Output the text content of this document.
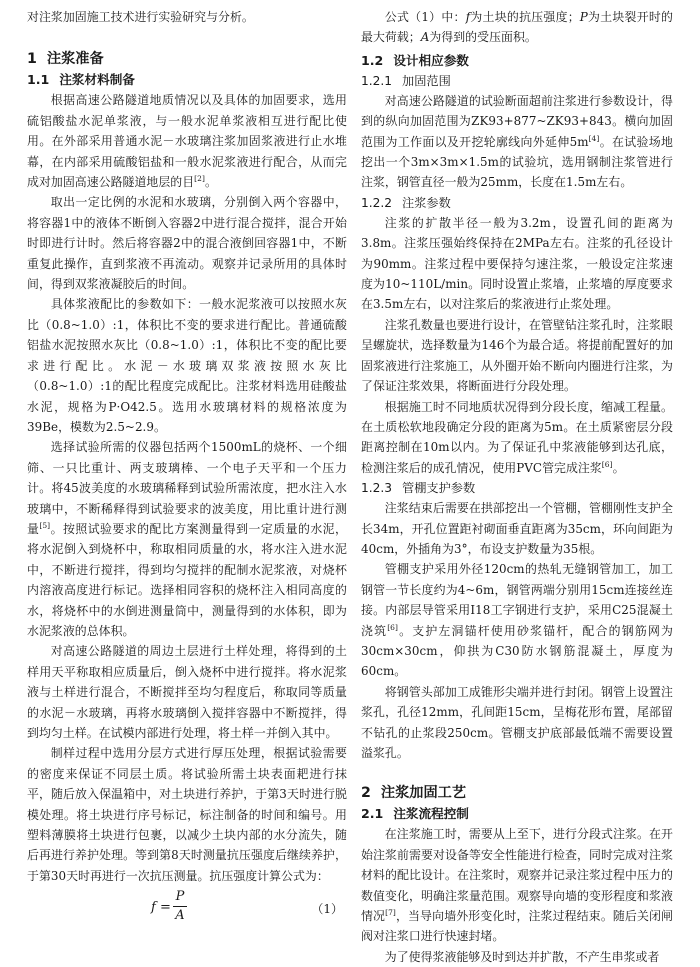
对注浆加固施工技术进行实验研究与分析。

1 注浆准备
1.1 注浆材料制备

根据高速公路隧道地质情况以及具体的加固要求，选用硫铝酸盐水泥单浆液，与一般水泥单浆液相互进行配比使用。在外部采用普通水泥－水玻璃注浆加固浆液进行止水堆幕，在内部采用硫酸铝盐和一般水泥浆液进行配合，从而完成对加固高速公路隧道地层的目[2]。

取出一定比例的水泥和水玻璃，分别倒入两个容器中，将容器1中的液体不断倒入容器2中进行混合搅拌，混合开始时即进行计时。然后将容器2中的混合液倒回容器1中，不断重复此操作，直到浆液不再流动。观察并记录所用的具体时间，得到双浆液凝胶后的时间。

具体浆液配比的参数如下：一般水泥浆液可以按照水灰比（0.8~1.0）:1，体积比不变的要求进行配比。普通硫酸铝盐水泥按照水灰比（0.8~1.0）:1，体积比不变的配比要求进行配比。水泥－水玻璃双浆液按照水灰比（0.8~1.0）:1的配比程度完成配比。注浆材料选用硅酸盐水泥，规格为P·O42.5。选用水玻璃材料的规格浓度为39Be，模数为2.5~2.9。

选择试验所需的仪器包括两个1500mL的烧杯、一个细筛、一只比重计、两支玻璃棒、一个电子天平和一个压力计。将45波美度的水玻璃稀释到试验所需浓度，把水注入水玻璃中，不断稀释得到试验要求的波美度，用比重计进行测量[5]。按照试验要求的配比方案测量得到一定质量的水泥，将水泥倒入到烧杯中，称取相同质量的水，将水注入进水泥中，不断进行搅拌，得到均匀搅拌的配制水泥浆液，对烧杯内溶液高度进行标记。选择相同容积的烧杯注入相同高度的水，将烧杯中的水倒进测量筒中，测量得到的水体积，即为水泥浆液的总体积。

对高速公路隧道的周边土层进行土样处理，将得到的土样用天平称取相应质量后，倒入烧杯中进行搅拌。将水泥浆液与土样进行混合，不断搅拌至均匀程度后，称取同等质量的水泥－水玻璃，再将水玻璃倒入搅拌容器中不断搅拌，得到均匀土样。在试模内部进行处理，将土样一并倒入其中。

制样过程中选用分层方式进行厚压处理，根据试验需要的密度来保证不同层土质。将试验所需土块表面耙进行抹平，随后放入保温箱中，对土块进行养护，于第3天时进行脱模处理。将土块进行序号标记，标注制备的时间和编号。用塑料薄膜将土块进行包裹，以减少土块内部的水分流失，随后再进行养护处理。等到第8天时测量抗压强度后继续养护，于第30天时再进行一次抗压测量。抗压强度计算公式为：

f =
P
A	（1）

公式（1）中：f为土块的抗压强度；P为土块裂开时的最大荷载；A为得到的受压面积。

1.2 设计相应参数
1.2.1 加固范围

对高速公路隧道的试验断面超前注浆进行参数设计，得到的纵向加固范围为ZK93+877~ZK93+843。横向加固范围为工作面以及开挖轮廓线向外延伸5m[4]。在试验场地挖出一个3m×3m×1.5m的试验坑，选用钢制注浆管进行注浆，钢管直径一般为25mm，长度在1.5m左右。

1.2.2 注浆参数

注浆的扩散半径一般为3.2m，设置孔间的距离为3.8m。注浆压强始终保持在2MPa左右。注浆的孔径设计为90mm。注浆过程中要保持匀速注浆，一般设定注浆速度为10~110L/min。同时设置止浆墙，止浆墙的厚度要求在3.5m左右，以对注浆后的浆液进行止浆处理。

注浆孔数量也要进行设计，在管壁钻注浆孔时，注浆眼呈螺旋状，选择数量为146个为最合适。将提前配置好的加固浆液进行注浆施工，从外圈开始不断向内圈进行注浆，为了保证注浆效果，将断面进行分段处理。

根据施工时不同地质状况得到分段长度，缩减工程量。在土质松软地段确定分段的距离为5m。在土质紧密层分段距离控制在10m以内。为了保证孔中浆液能够到达孔底，检测注浆后的成孔情况，使用PVC管完成注浆[6]。

1.2.3 管棚支护参数

注浆结束后需要在拱部挖出一个管棚，管棚刚性支护全长34m，开孔位置距衬砌面垂直距离为35cm，环向间距为40cm，外插角为3°，布设支护数量为35根。

管棚支护采用外径120cm的热轧无缝钢管加工，加工钢管一节长度约为4~6m，钢管两端分别用15cm连接丝连接。内部层导管采用I18工字钢进行支护，采用C25混凝土浇筑[6]。支护左洞锚杆使用砂浆锚杆，配合的钢筋网为30cm×30cm，仰拱为C30防水钢筋混凝土，厚度为60cm。

将钢管头部加工成锥形尖端并进行封闭。钢管上设置注浆孔，孔径12mm，孔间距15cm，呈梅花形布置，尾部留不钻孔的止浆段250cm。管棚支护底部最低端不需要设置溢浆孔。

2 注浆加固工艺
2.1 注浆流程控制

在注浆施工时，需要从上至下，进行分段式注浆。在开始注浆前需要对设备等安全性能进行检查，同时完成对注浆材料的配比设计。在注浆时，观察并记录注浆过程中压力的数值变化，明确注浆量范围。观察导向墙的变形程度和浆液情况[7]，当导向墙外形变化时，注浆过程结束。随后关闭闸阀对注浆口进行快速封堵。

为了使得浆液能够及时到达并扩散，不产生串浆或者
